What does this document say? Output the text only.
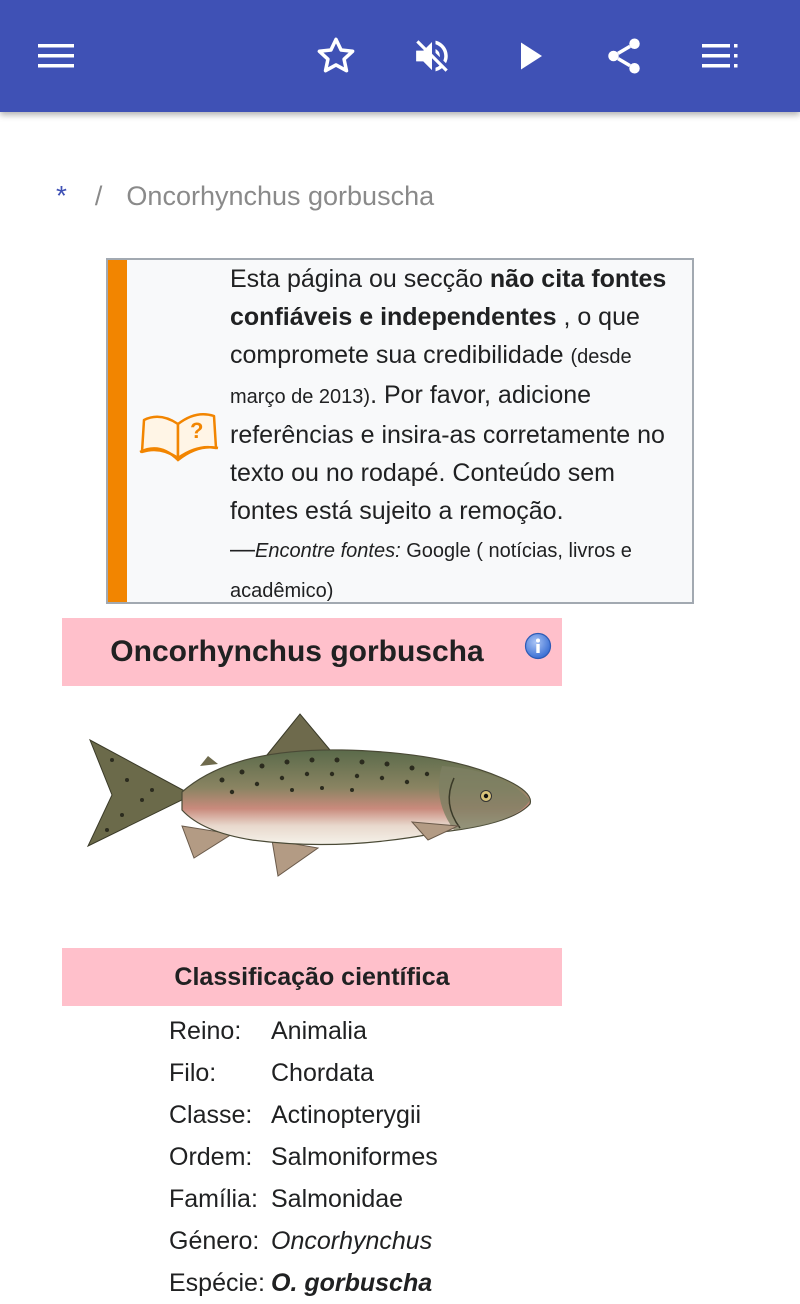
* / Oncorhynchus gorbuscha
?
Esta página ou secção não cita fontes confiáveis e independentes , o que compromete sua credibilidade (desde março de 2013). Por favor, adicione referências e insira-as corretamente no texto ou no rodapé. Conteúdo sem fontes está sujeito a remoção.
—Encontre fontes: Google ( notícias, livros e acadêmico)
Oncorhynchus gorbuscha
Classificação científica
Reino:	Animalia
Filo:	Chordata
Classe: Actinopterygii
Ordem: Salmoniformes
Família: Salmonidae
Género: Oncorhynchus
Espécie: O. gorbuscha
